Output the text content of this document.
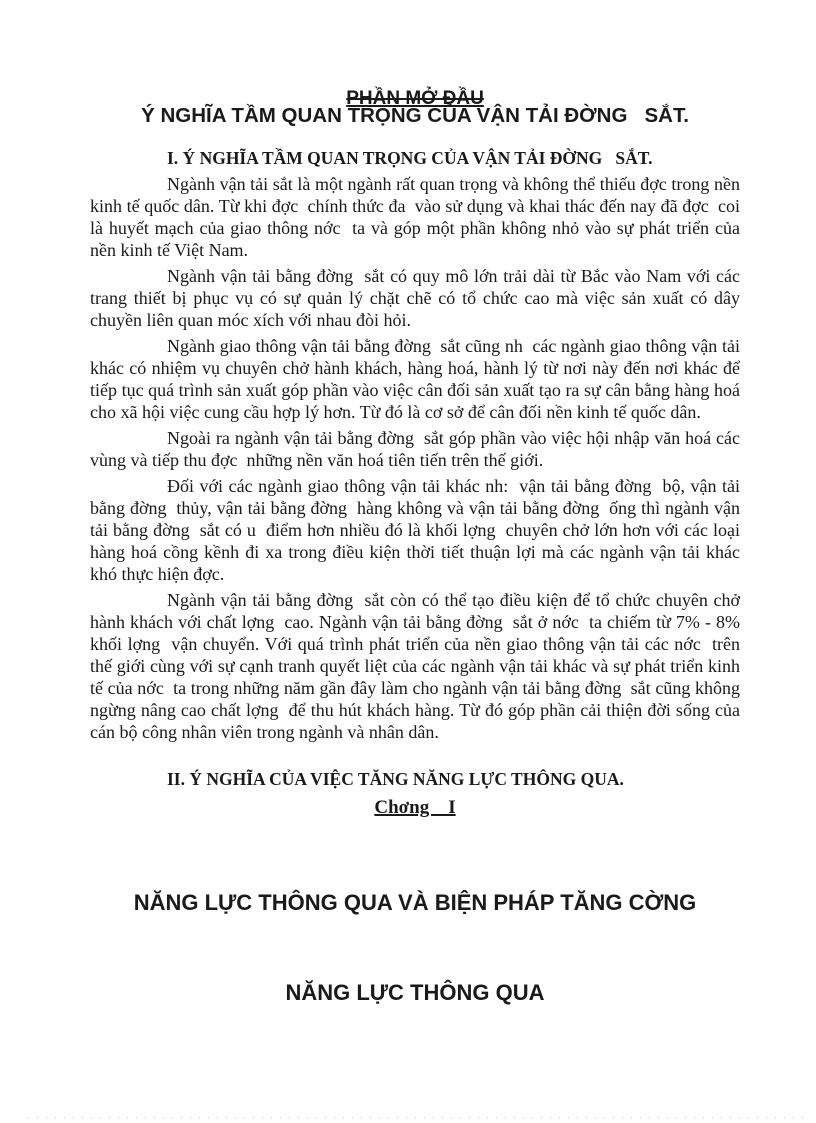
PHẦN MỞ ĐẦU
Ý NGHĨA TẦM QUAN TRỌNG CỦA VẬN TẢI ĐỜNG   SẮT.
I. Ý NGHĨA TẦM QUAN TRỌNG CỦA VẬN TẢI ĐỜNG   SẮT.

Ngành vận tải sắt là một ngành rất quan trọng và không thể thiếu đợc trong nền kinh tế quốc dân. Từ khi đợc  chính thức đa  vào sử dụng và khai thác đến nay đã đợc  coi là huyết mạch của giao thông nớc  ta và góp một phần không nhỏ vào sự phát triển của nền kinh tế Việt Nam.

Ngành vận tải bằng đờng  sắt có quy mô lớn trải dài từ Bắc vào Nam với các trang thiết bị phục vụ có sự quản lý chặt chẽ có tổ chức cao mà việc sản xuất có dây chuyền liên quan móc xích với nhau đòi hỏi.

Ngành giao thông vận tải bằng đờng  sắt cũng nh  các ngành giao thông vận tải khác có nhiệm vụ chuyên chở hành khách, hàng hoá, hành lý từ nơi này đến nơi khác để tiếp tục quá trình sản xuất góp phần vào việc cân đối sản xuất tạo ra sự cân bằng hàng hoá cho xã hội việc cung cầu hợp lý hơn. Từ đó là cơ sở để cân đối nền kinh tế quốc dân.

Ngoài ra ngành vận tải bằng đờng  sắt góp phần vào việc hội nhập văn hoá các vùng và tiếp thu đợc  những nền văn hoá tiên tiến trên thế giới.

Đối với các ngành giao thông vận tải khác nh:  vận tải bằng đờng  bộ, vận tải bằng đờng  thủy, vận tải bằng đờng  hàng không và vận tải bằng đờng  ống thì ngành vận tải bằng đờng  sắt có u  điểm hơn nhiều đó là khối lợng  chuyên chở lớn hơn với các loại hàng hoá cồng kềnh đi xa trong điều kiện thời tiết thuận lợi mà các ngành vận tải khác khó thực hiện đợc.

Ngành vận tải bằng đờng  sắt còn có thể tạo điều kiện để tổ chức chuyên chở hành khách với chất lợng  cao. Ngành vận tải bằng đờng  sắt ở nớc  ta chiếm từ 7% - 8% khối lợng  vận chuyển. Với quá trình phát triển của nền giao thông vận tải các nớc  trên thế giới cùng với sự cạnh tranh quyết liệt của các ngành vận tải khác và sự phát triển kinh tế của nớc  ta trong những năm gần đây làm cho ngành vận tải bằng đờng  sắt cũng không ngừng nâng cao chất lợng  để thu hút khách hàng. Từ đó góp phần cải thiện đời sống của cán bộ công nhân viên trong ngành và nhân dân.

II. Ý NGHĨA CỦA VIỆC TĂNG NĂNG LỰC THÔNG QUA.
Chơng    I

NĂNG LỰC THÔNG QUA VÀ BIỆN PHÁP TĂNG CỜNG

NĂNG LỰC THÔNG QUA
